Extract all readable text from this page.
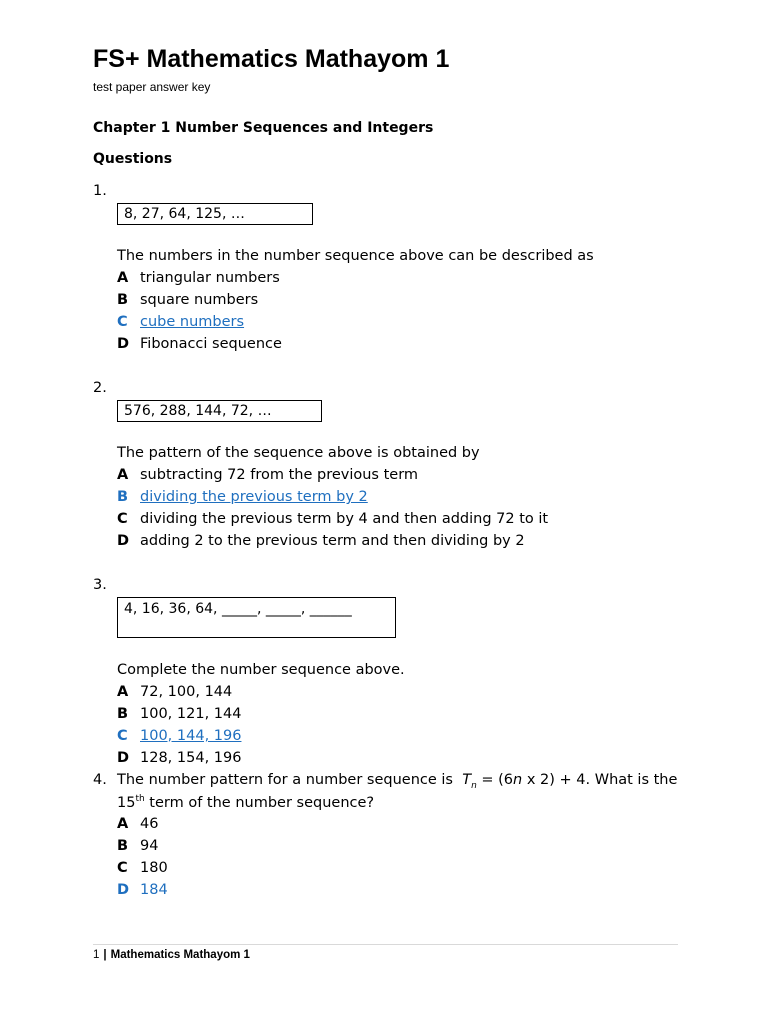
FS+ Mathematics Mathayom 1
test paper answer key
Chapter 1 Number Sequences and Integers
Questions
1.
8, 27, 64, 125, …
The numbers in the number sequence above can be described as
A triangular numbers
B square numbers
C cube numbers
D Fibonacci sequence
2.
576, 288, 144, 72, …
The pattern of the sequence above is obtained by
A subtracting 72 from the previous term
B dividing the previous term by 2
C dividing the previous term by 4 and then adding 72 to it
D adding 2 to the previous term and then dividing by 2
3.
4, 16, 36, 64, _____, _____, ______
Complete the number sequence above.
A 72, 100, 144
B 100, 121, 144
C 100, 144, 196
D 128, 154, 196
4. The number pattern for a number sequence is $T_n = (6n$ x 2) + 4. What is the
15th term of the number sequence?
A 46
B 94
C 180
D 184
1 | Mathematics Mathayom 1
